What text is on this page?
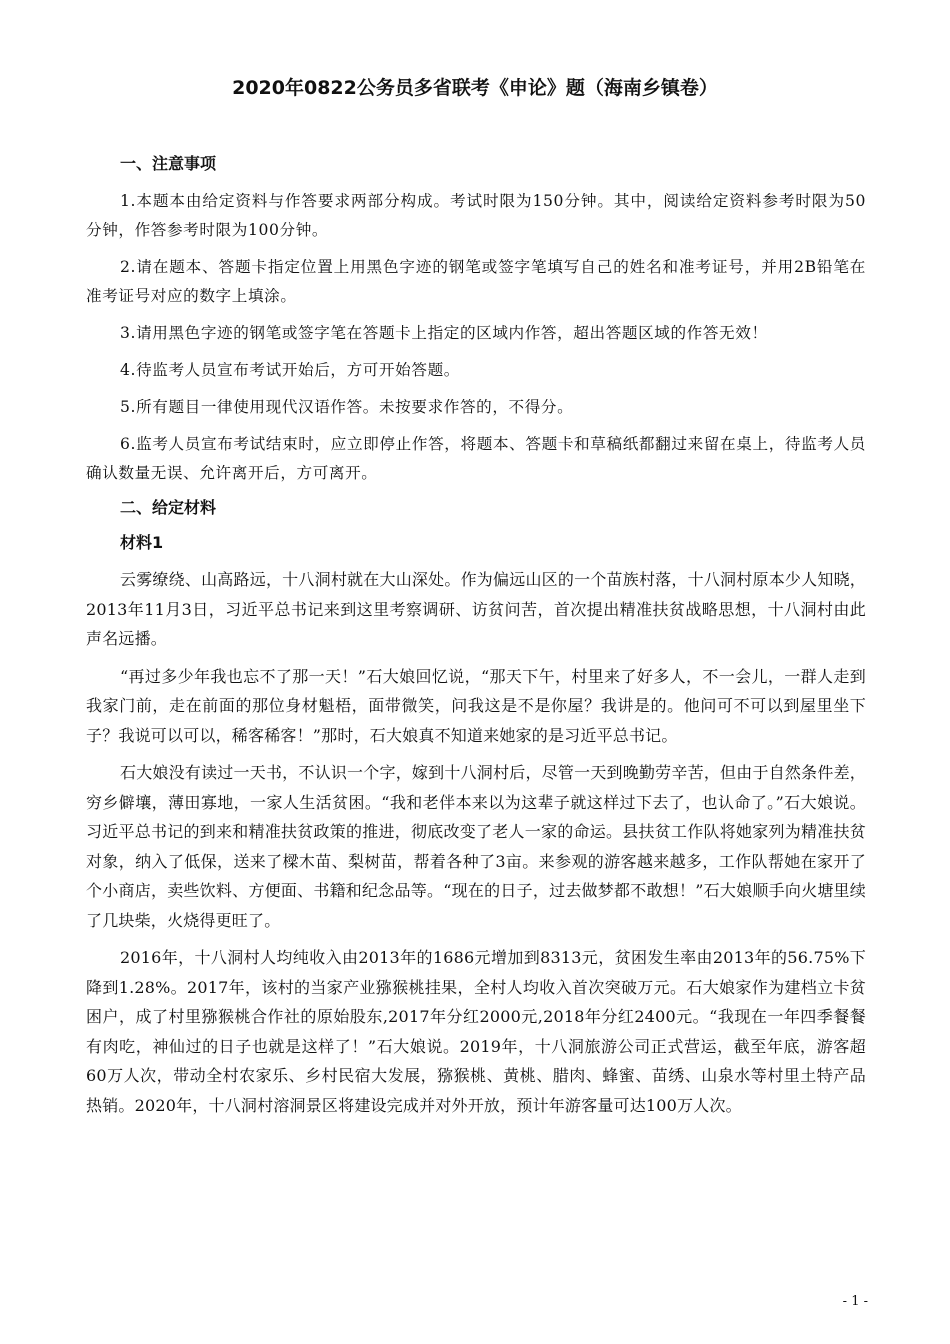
2020年0822公务员多省联考《申论》题（海南乡镇卷）

一、注意事项

1.本题本由给定资料与作答要求两部分构成。考试时限为150分钟。其中，阅读给定资料参考时限为50分钟，作答参考时限为100分钟。

2.请在题本、答题卡指定位置上用黑色字迹的钢笔或签字笔填写自己的姓名和准考证号，并用2B铅笔在准考证号对应的数字上填涂。

3.请用黑色字迹的钢笔或签字笔在答题卡上指定的区域内作答，超出答题区域的作答无效！

4.待监考人员宣布考试开始后，方可开始答题。

5.所有题目一律使用现代汉语作答。未按要求作答的，不得分。

6.监考人员宣布考试结束时，应立即停止作答，将题本、答题卡和草稿纸都翻过来留在桌上，待监考人员确认数量无误、允许离开后，方可离开。

二、给定材料

材料1

云雾缭绕、山高路远，十八洞村就在大山深处。作为偏远山区的一个苗族村落，十八洞村原本少人知晓，2013年11月3日，习近平总书记来到这里考察调研、访贫问苦，首次提出精准扶贫战略思想，十八洞村由此声名远播。

“再过多少年我也忘不了那一天！”石大娘回忆说，“那天下午，村里来了好多人，不一会儿，一群人走到我家门前，走在前面的那位身材魁梧，面带微笑，问我这是不是你屋？我讲是的。他问可不可以到屋里坐下子？我说可以可以，稀客稀客！”那时，石大娘真不知道来她家的是习近平总书记。

石大娘没有读过一天书，不认识一个字，嫁到十八洞村后，尽管一天到晚勤劳辛苦，但由于自然条件差，穷乡僻壤，薄田寡地，一家人生活贫困。“我和老伴本来以为这辈子就这样过下去了，也认命了。”石大娘说。习近平总书记的到来和精准扶贫政策的推进，彻底改变了老人一家的命运。县扶贫工作队将她家列为精准扶贫对象，纳入了低保，送来了樑木苗、梨树苗，帮着各种了3亩。来参观的游客越来越多，工作队帮她在家开了个小商店，卖些饮料、方便面、书籍和纪念品等。“现在的日子，过去做梦都不敢想！”石大娘顺手向火塘里续了几块柴，火烧得更旺了。

2016年，十八洞村人均纯收入由2013年的1686元增加到8313元，贫困发生率由2013年的56.75%下降到1.28%。2017年，该村的当家产业猕猴桃挂果，全村人均收入首次突破万元。石大娘家作为建档立卡贫困户，成了村里猕猴桃合作社的原始股东,2017年分红2000元,2018年分红2400元。“我现在一年四季餐餐有肉吃，神仙过的日子也就是这样了！”石大娘说。2019年，十八洞旅游公司正式营运，截至年底，游客超60万人次，带动全村农家乐、乡村民宿大发展，猕猴桃、黄桃、腊肉、蜂蜜、苗绣、山泉水等村里土特产品热销。2020年，十八洞村溶洞景区将建设完成并对外开放，预计年游客量可达100万人次。

- 1 -
